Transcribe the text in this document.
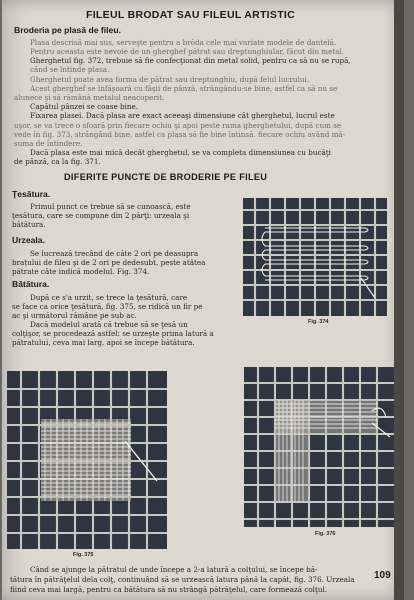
FILEUL BRODAT SAU FILEUL ARTISTIC
Broderia pe plasă de fileu.
Plasa descrisă mai sus, serveşte pentru a brōda cele mai variate modele de dantelă.
Pentru aceasta este nevoie de un gherghef pătrat sau dreptunghiular, făcut din metal.
Gherghetul fig. 372, trebuie să fie confecţionat din metal solid, pentru ca să nu se rupă,
când se întinde plasa.
Gherghetul poate avea forma de pătrat sau dreptunghiu, după felul lucrului.
Acest gherghef se înfăşoară cu fâşii de pânză, strângându-se bine, astfel ca să nu se
alunece şi să rămână metalul neacoperit.
Capătul pânzei se coase bine.
Fixarea plasei. Dacă plasa are exact aceeaşi dimensiune cât gherghetul, lucrul este
uşor, se va trece o sfoară prin fiecare ochiu şi apoi peste rama gherghetului, după cum se
vede în fig. 373, strângând bine, astfel ca plasa să fie bine întinsă. fiecare ochiu având mă-
suma de întindere.
Dacă plasa este mai mică decât gherghetul, se va completa dimensiunea cu bucăţi
de pânză, ca la fig. 371.
DIFERITE PUNCTE DE BRODERIE PE FILEU
Ţesătura.
Primul punct ce trebue să se cunoască, este
ţesătura, care se compune din 2 părţi: urzeala şi
bătătura.
Urzeala.
Se lucrează trecând de câte 2 ori pe deasupra
brațului de fileu şi de 2 ori pe dedesubt, peste atâtea
pătrate câte indică modelul. Fig. 374.
Bătătura.
După ce s'a urzit, se trece la ţesătură, care
se face ca orice ţesătură, fig. 375, se ridică un fir pe
ac şi următorul rămâne pe sub ac.
Dacă modelul arată că trebue să se ţesă un
colţişor, se procedează astfel: se urzeşte prima latură a
pătratului, ceva mai larg, apoi se începe bătătura.
Fig. 374
Fig. 375
Fig. 376
Când se ajunge la pătratul de unde începe a 2-a latură a colţului, se începe bă-
tătura în pătrăţelul dela colţ, continuând să se urzească latura până la capăt, fig. 376. Urzeala
fiind ceva mai largă, pentru ca bătătura să nu strângă pătrăţelul, care formează colţul.
109
